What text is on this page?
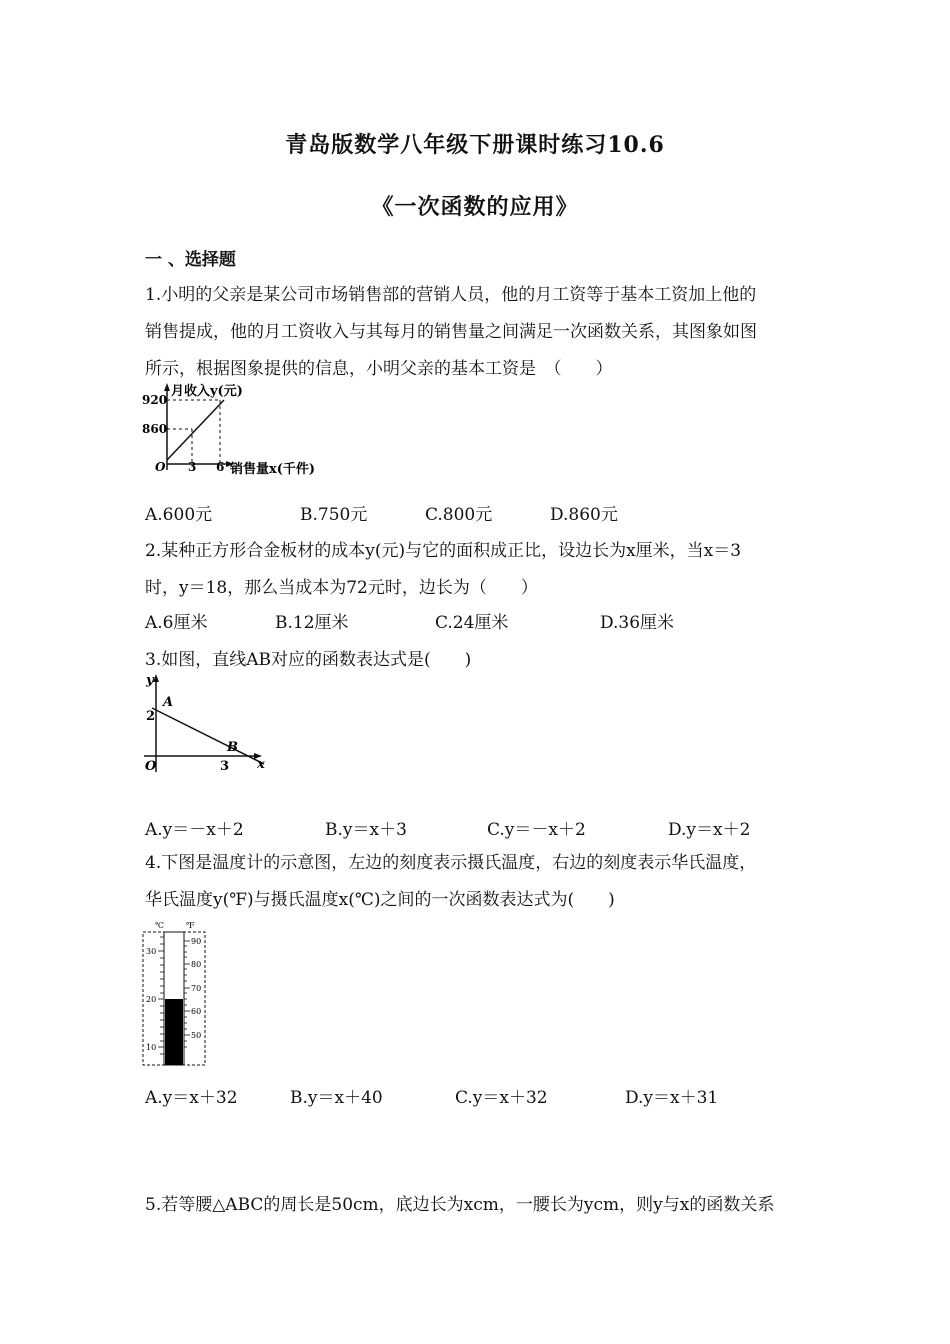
青岛版数学八年级下册课时练习10.6
《一次函数的应用》
一 、选择题
1.小明的父亲是某公司市场销售部的营销人员，他的月工资等于基本工资加上他的
销售提成，他的月工资收入与其每月的销售量之间满足一次函数关系，其图象如图
所示，根据图象提供的信息，小明父亲的基本工资是　（　　）
月收入y(元)
920
860
O 3 6 销售量x(千件)
A.600元	B.750元	C.800元	D.860元
2.某种正方形合金板材的成本y(元)与它的面积成正比，设边长为x厘米，当x＝3
时，y＝18，那么当成本为72元时，边长为（　　）
A.6厘米	B.12厘米	C.24厘米	D.36厘米
3.如图，直线AB对应的函数表达式是(　　)
y
A
2
B
O	3 x
A.y＝－x＋2	B.y＝x＋3	C.y＝－x＋2	D.y＝x＋2
4.下图是温度计的示意图，左边的刻度表示摄氏温度，右边的刻度表示华氏温度，
华氏温度y(℉)与摄氏温度x(℃)之间的一次函数表达式为(　　)
℃	℉
30
20
10
90
80
70
60
50
A.y＝x＋32	B.y＝x＋40	C.y＝x＋32	D.y＝x＋31
5.若等腰△ABC的周长是50cm，底边长为xcm，一腰长为ycm，则y与x的函数关系
